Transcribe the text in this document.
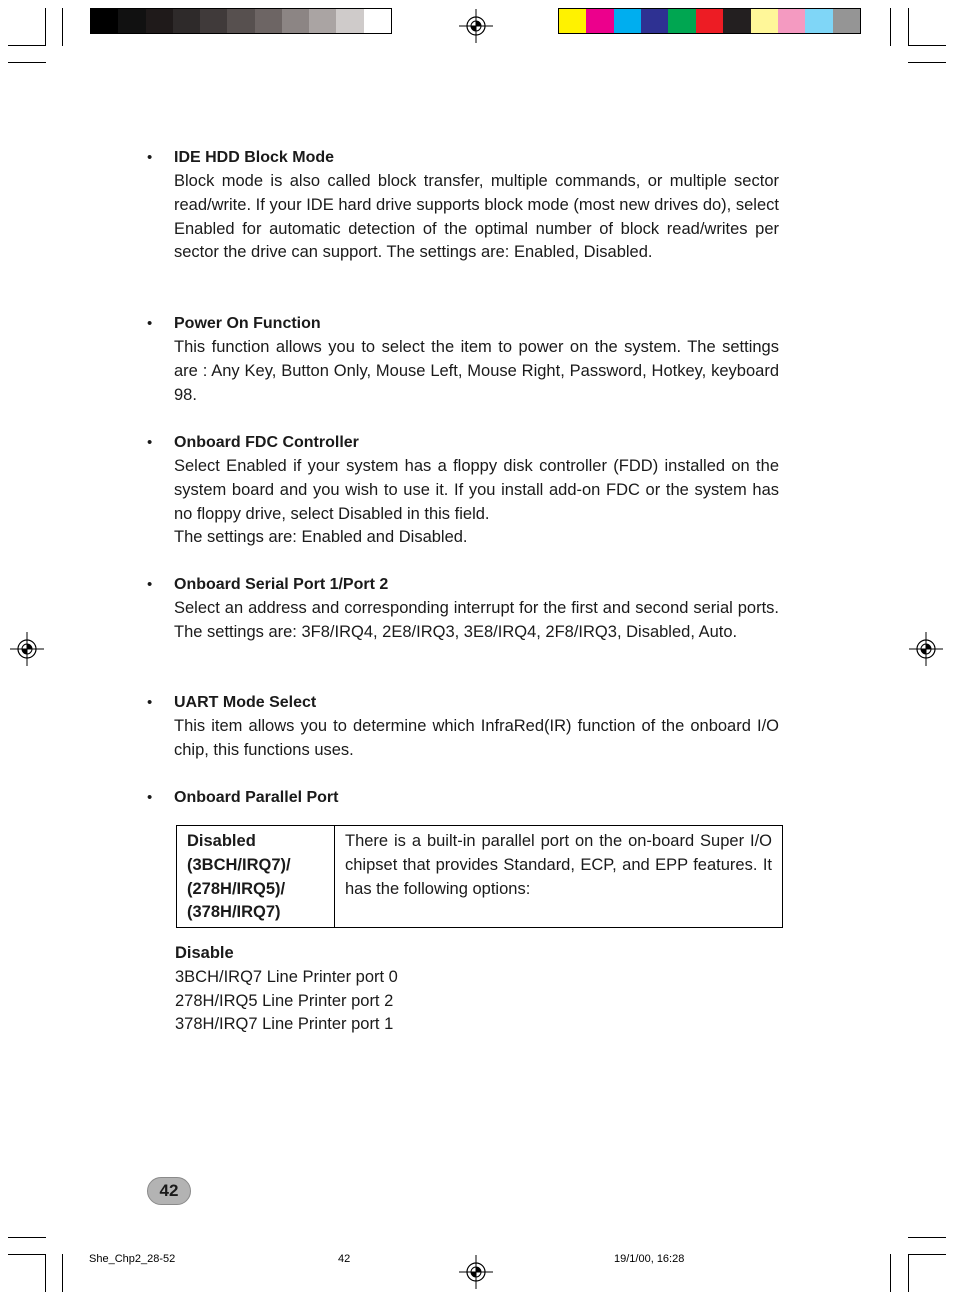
• IDE HDD Block Mode

Block mode is also called block transfer, multiple commands, or multiple sector read/write. If your IDE hard drive supports block mode (most new drives do), select Enabled for automatic detection of the optimal number of block read/writes per sector the drive can support. The settings are: Enabled, Disabled.

• Power On Function

This function allows you to select the item to power on the system. The settings are : Any Key, Button Only, Mouse Left, Mouse Right, Password, Hotkey, keyboard 98.

• Onboard FDC Controller

Select Enabled if your system has a floppy disk controller (FDD) installed on the system board and you wish to use it. If you install add-on FDC or the system has no floppy drive, select Disabled in this field.

The settings are: Enabled and Disabled.

• Onboard Serial Port 1/Port 2

Select an address and corresponding interrupt for the first and second serial ports. The settings are: 3F8/IRQ4, 2E8/IRQ3, 3E8/IRQ4, 2F8/IRQ3, Disabled, Auto.

• UART Mode Select

This item allows you to determine which InfraRed(IR) function of the onboard I/O chip, this functions uses.

• Onboard Parallel Port
Disabled
(3BCH/IRQ7)/
(278H/IRQ5)/
(378H/IRQ7)
	There is a built-in parallel port on the on-board Super I/O chipset that provides Standard, ECP, and EPP features. It has the following options:
Disable
3BCH/IRQ7 Line Printer port 0
278H/IRQ5 Line Printer port 2
378H/IRQ7 Line Printer port 1
42
She_Chp2_28-52	42	19/1/00, 16:28
